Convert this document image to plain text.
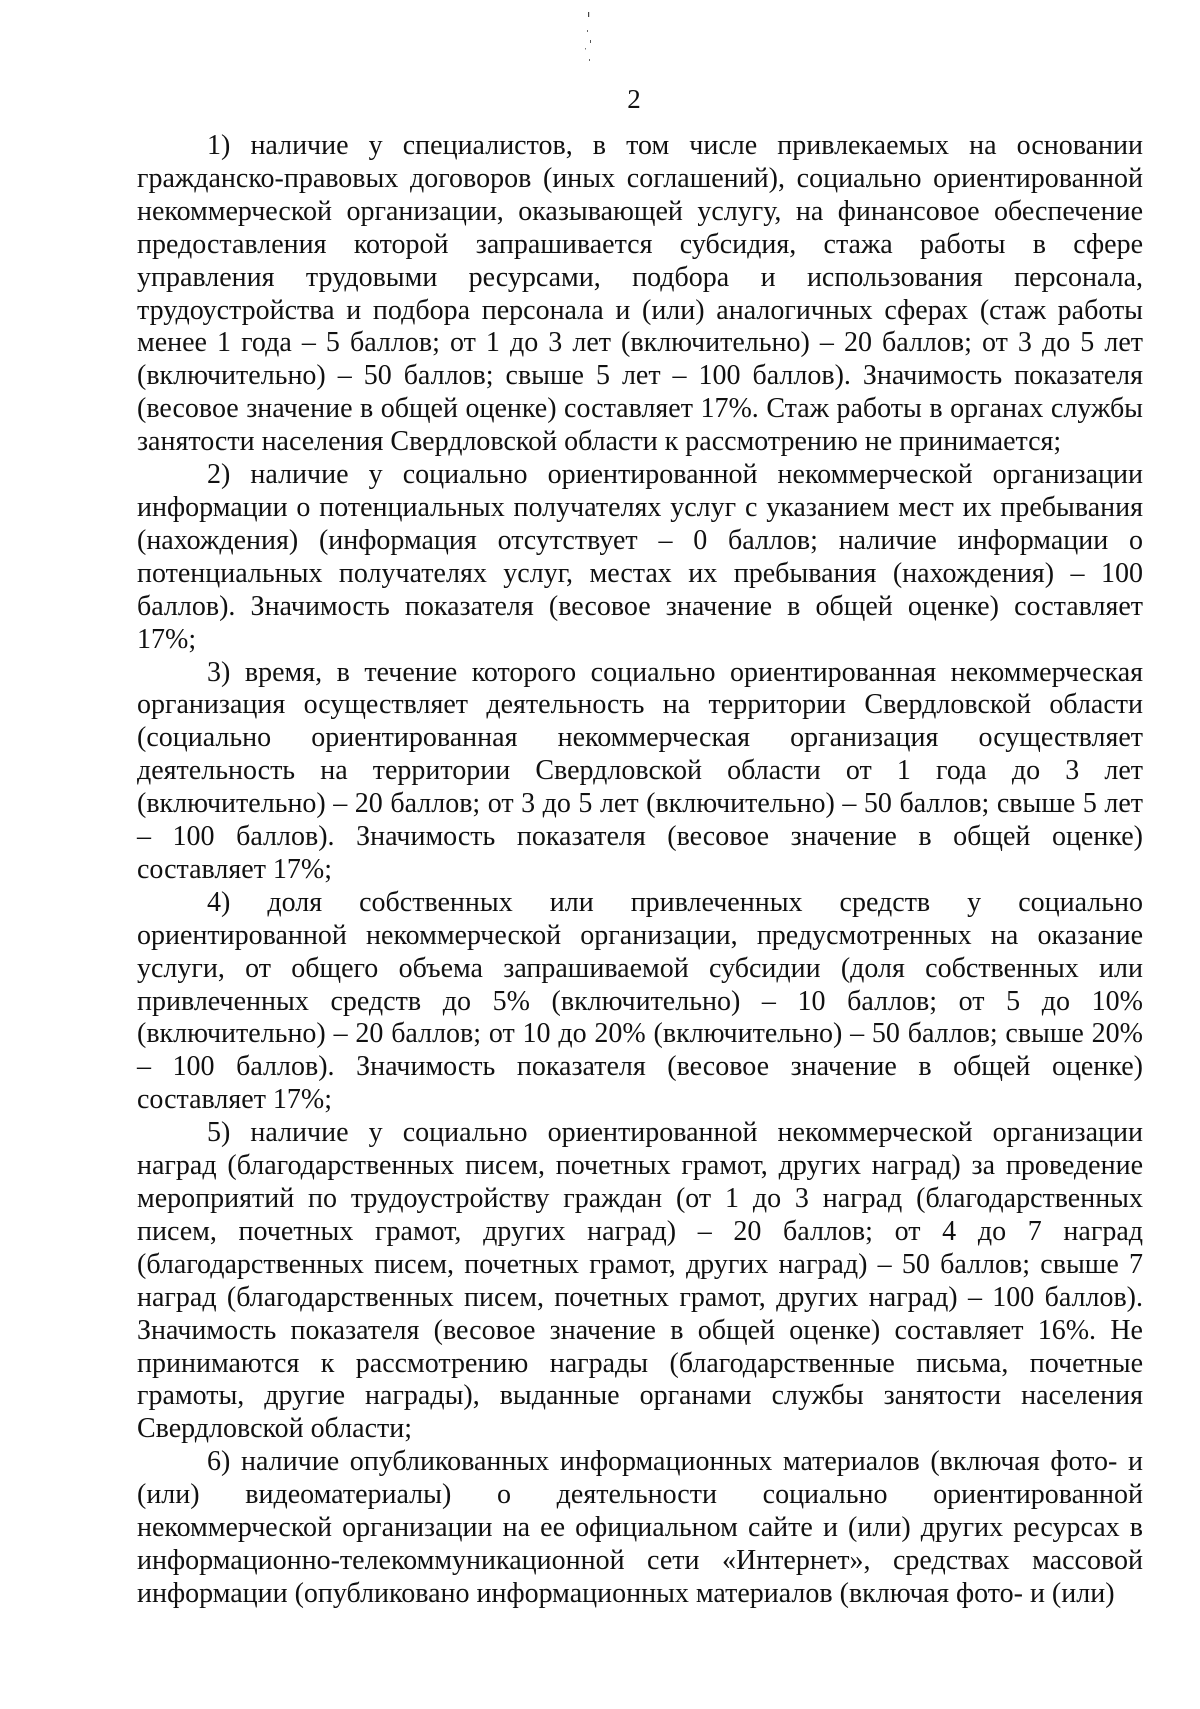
2

1) наличие у специалистов, в том числе привлекаемых на основании гражданско-правовых договоров (иных соглашений), социально ориентированной некоммерческой организации, оказывающей услугу, на финансовое обеспечение предоставления которой запрашивается субсидия, стажа работы в сфере управления трудовыми ресурсами, подбора и использования персонала, трудоустройства и подбора персонала и (или) аналогичных сферах (стаж работы менее 1 года – 5 баллов; от 1 до 3 лет (включительно) – 20 баллов; от 3 до 5 лет (включительно) – 50 баллов; свыше 5 лет – 100 баллов). Значимость показателя (весовое значение в общей оценке) составляет 17%. Стаж работы в органах службы занятости населения Свердловской области к рассмотрению не принимается;

2) наличие у социально ориентированной некоммерческой организации информации о потенциальных получателях услуг с указанием мест их пребывания (нахождения) (информация отсутствует – 0 баллов; наличие информации о потенциальных получателях услуг, местах их пребывания (нахождения) – 100 баллов). Значимость показателя (весовое значение в общей оценке) составляет 17%;

3) время, в течение которого социально ориентированная некоммерческая организация осуществляет деятельность на территории Свердловской области (социально ориентированная некоммерческая организация осуществляет деятельность на территории Свердловской области от 1 года до 3 лет (включительно) – 20 баллов; от 3 до 5 лет (включительно) – 50 баллов; свыше 5 лет – 100 баллов). Значимость показателя (весовое значение в общей оценке) составляет 17%;

4) доля собственных или привлеченных средств у социально ориентированной некоммерческой организации, предусмотренных на оказание услуги, от общего объема запрашиваемой субсидии (доля собственных или привлеченных средств до 5% (включительно) – 10 баллов; от 5 до 10% (включительно) – 20 баллов; от 10 до 20% (включительно) – 50 баллов; свыше 20% – 100 баллов). Значимость показателя (весовое значение в общей оценке) составляет 17%;

5) наличие у социально ориентированной некоммерческой организации наград (благодарственных писем, почетных грамот, других наград) за проведение мероприятий по трудоустройству граждан (от 1 до 3 наград (благодарственных писем, почетных грамот, других наград) – 20 баллов; от 4 до 7 наград (благодарственных писем, почетных грамот, других наград) – 50 баллов; свыше 7 наград (благодарственных писем, почетных грамот, других наград) – 100 баллов). Значимость показателя (весовое значение в общей оценке) составляет 16%. Не принимаются к рассмотрению награды (благодарственные письма, почетные грамоты, другие награды), выданные органами службы занятости населения Свердловской области;

6) наличие опубликованных информационных материалов (включая фото- и (или) видеоматериалы) о деятельности социально ориентированной некоммерческой организации на ее официальном сайте и (или) других ресурсах в информационно-телекоммуникационной сети «Интернет», средствах массовой информации (опубликовано информационных материалов (включая фото- и (или)
